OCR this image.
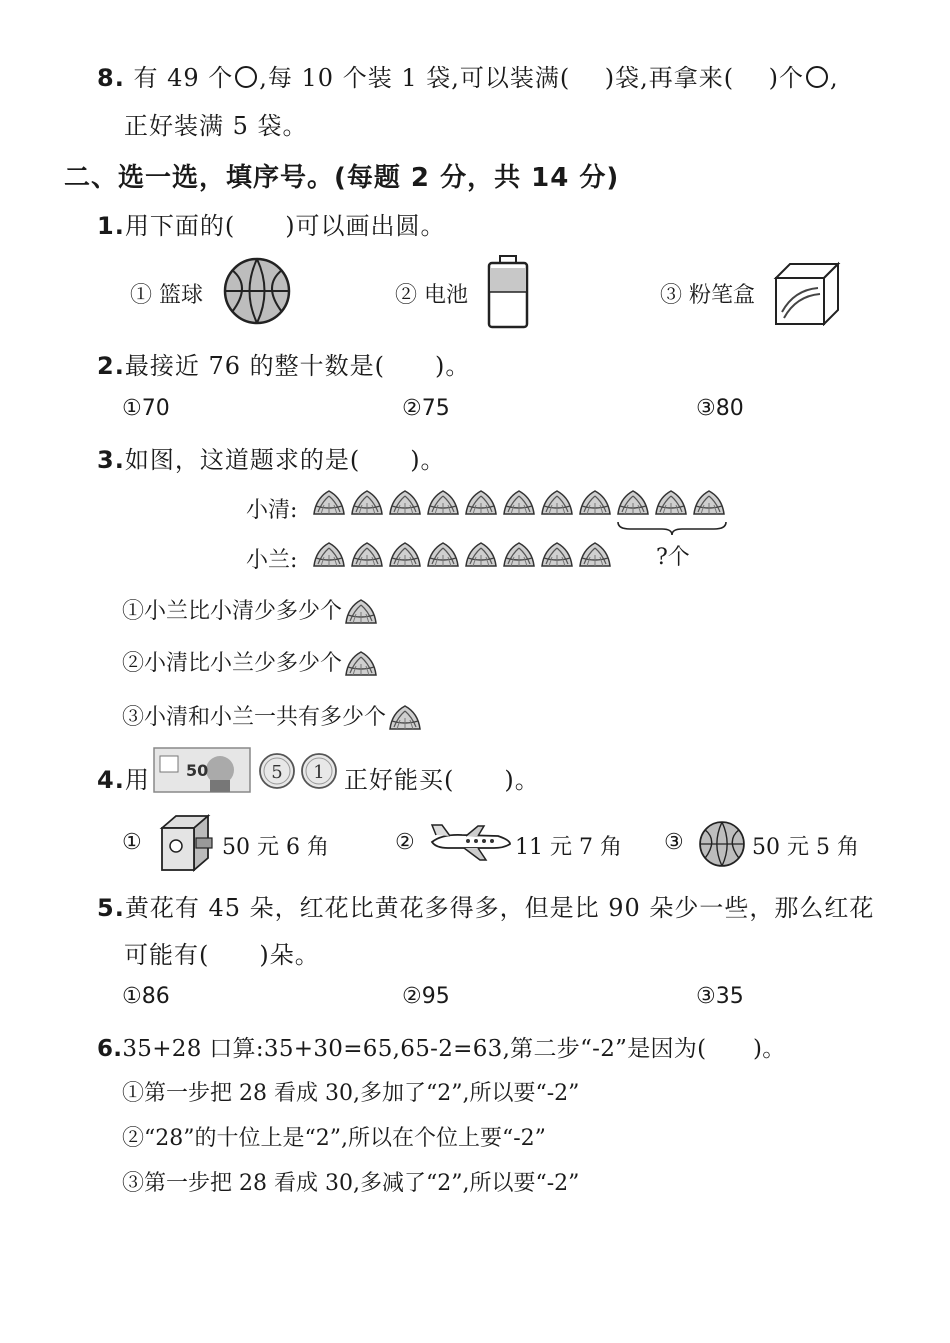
8. 有 49 个 ,每 10 个装 1 袋,可以装满( )袋,再拿来( )个 ,
正好装满 5 袋。
二、选一选，填序号。(每题 2 分，共 14 分)
1.用下面的(　　)可以画出圆。
① 篮球	② 电池	③ 粉笔盒
2.最接近 76 的整十数是(　　)。
①70	②75	③80
3.如图，这道题求的是(　　)。
小清:
小兰:	?个
①小兰比小清少多少个
②小清比小兰少多少个
③小清和小兰一共有多少个
4.用 50	5 1 正好能买(　　)。
①	50 元 6 角	②	11 元 7 角 ③	50 元 5 角
5.黄花有 45 朵，红花比黄花多得多，但是比 90 朵少一些，那么红花
可能有(　　)朵。
①86	②95	③35
6.35+28 口算:35+30=65,65-2=63,第二步“-2”是因为(　　)。
①第一步把 28 看成 30,多加了“2”,所以要“-2”
②“28”的十位上是“2”,所以在个位上要“-2”
③第一步把 28 看成 30,多减了“2”,所以要“-2”
